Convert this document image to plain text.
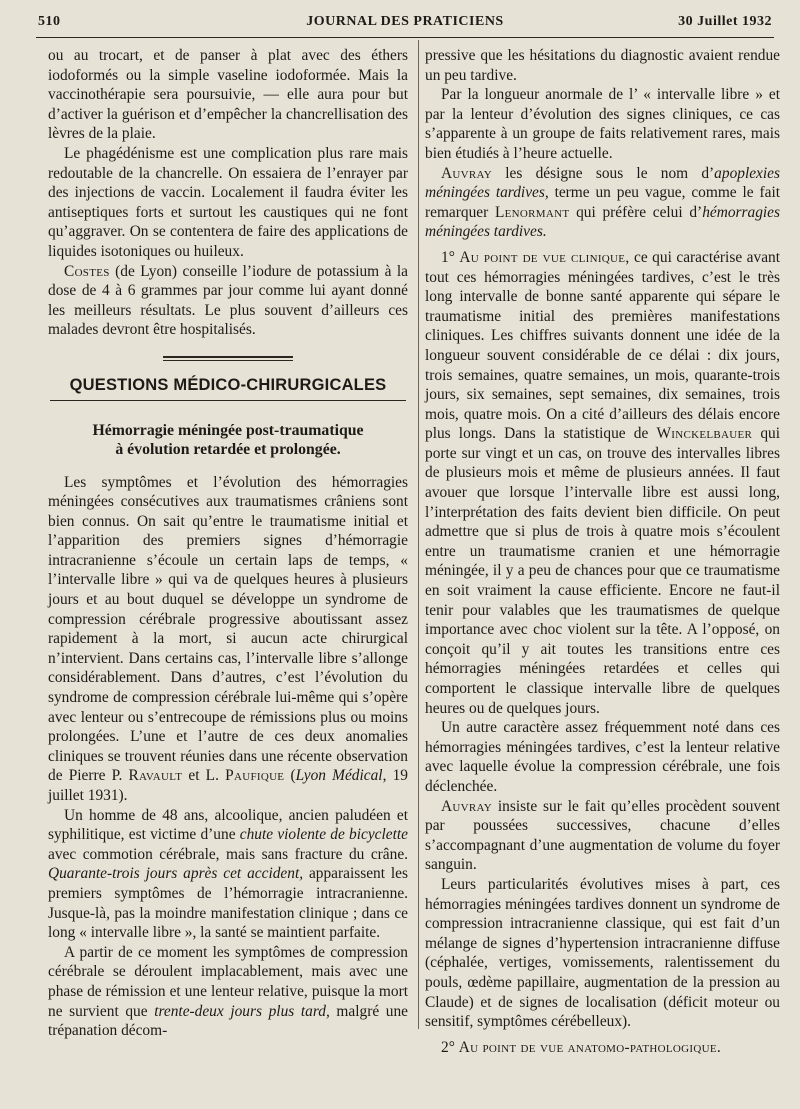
510	JOURNAL DES PRATICIENS	30 Juillet 1932

ou au trocart, et de panser à plat avec des éthers iodoformés ou la simple vaseline iodoformée. Mais la vaccinothérapie sera poursuivie, — elle aura pour but d’activer la guérison et d’empêcher la chancrellisation des lèvres de la plaie.

Le phagédénisme est une complication plus rare mais redoutable de la chancrelle. On essaiera de l’enrayer par des injections de vaccin. Localement il faudra éviter les antiseptiques forts et surtout les caustiques qui ne font qu’aggraver. On se contentera de faire des applications de liquides isotoniques ou huileux.

Costes (de Lyon) conseille l’iodure de potassium à la dose de 4 à 6 grammes par jour comme lui ayant donné les meilleurs résultats. Le plus souvent d’ailleurs ces malades devront être hospitalisés.

QUESTIONS MÉDICO-CHIRURGICALES
Hémorragie méningée post-traumatique
à évolution retardée et prolongée.

Les symptômes et l’évolution des hémorragies méningées consécutives aux traumatismes crâniens sont bien connus. On sait qu’entre le traumatisme initial et l’apparition des premiers signes d’hémorragie intracranienne s’écoule un certain laps de temps, « l’intervalle libre » qui va de quelques heures à plusieurs jours et au bout duquel se développe un syndrome de compression cérébrale progressive aboutissant assez rapidement à la mort, si aucun acte chirurgical n’intervient. Dans certains cas, l’intervalle libre s’allonge considérablement. Dans d’autres, c’est l’évolution du syndrome de compression cérébrale lui-même qui s’opère avec lenteur ou s’entrecoupe de rémissions plus ou moins prolongées. L’une et l’autre de ces deux anomalies cliniques se trouvent réunies dans une récente observation de Pierre P. Ravault et L. Paufique (Lyon Médical, 19 juillet 1931).

Un homme de 48 ans, alcoolique, ancien paludéen et syphilitique, est victime d’une chute violente de bicyclette avec commotion cérébrale, mais sans fracture du crâne. Quarante-trois jours après cet accident, apparaissent les premiers symptômes de l’hémorragie intracranienne. Jusque-là, pas la moindre manifestation clinique ; dans ce long « intervalle libre », la santé se maintient parfaite.

A partir de ce moment les symptômes de compression cérébrale se déroulent implacablement, mais avec une phase de rémission et une lenteur relative, puisque la mort ne survient que trente-deux jours plus tard, malgré une trépanation décom-

pressive que les hésitations du diagnostic avaient rendue un peu tardive.

Par la longueur anormale de l’ « intervalle libre » et par la lenteur d’évolution des signes cliniques, ce cas s’apparente à un groupe de faits relativement rares, mais bien étudiés à l’heure actuelle.

Auvray les désigne sous le nom d’apoplexies méningées tardives, terme un peu vague, comme le fait remarquer Lenormant qui préfère celui d’hémorragies méningées tardives.

1° Au point de vue clinique, ce qui caractérise avant tout ces hémorragies méningées tardives, c’est le très long intervalle de bonne santé apparente qui sépare le traumatisme initial des premières manifestations cliniques. Les chiffres suivants donnent une idée de la longueur souvent considérable de ce délai : dix jours, trois semaines, quatre semaines, un mois, quarante-trois jours, six semaines, sept semaines, dix semaines, trois mois, quatre mois. On a cité d’ailleurs des délais encore plus longs. Dans la statistique de Winckelbauer qui porte sur vingt et un cas, on trouve des intervalles libres de plusieurs mois et même de plusieurs années. Il faut avouer que lorsque l’intervalle libre est aussi long, l’interprétation des faits devient bien difficile. On peut admettre que si plus de trois à quatre mois s’écoulent entre un traumatisme cranien et une hémorragie méningée, il y a peu de chances pour que ce traumatisme en soit vraiment la cause efficiente. Encore ne faut-il tenir pour valables que les traumatismes de quelque importance avec choc violent sur la tête. A l’opposé, on conçoit qu’il y ait toutes les transitions entre ces hémorragies méningées retardées et celles qui comportent le classique intervalle libre de quelques heures ou de quelques jours.

Un autre caractère assez fréquemment noté dans ces hémorragies méningées tardives, c’est la lenteur relative avec laquelle évolue la compression cérébrale, une fois déclenchée.

Auvray insiste sur le fait qu’elles procèdent souvent par poussées successives, chacune d’elles s’accompagnant d’une augmentation de volume du foyer sanguin.

Leurs particularités évolutives mises à part, ces hémorragies méningées tardives donnent un syndrome de compression intracranienne classique, qui est fait d’un mélange de signes d’hypertension intracranienne diffuse (céphalée, vertiges, vomissements, ralentissement du pouls, œdème papillaire, augmentation de la pression au Claude) et de signes de localisation (déficit moteur ou sensitif, symptômes cérébelleux).

2° Au point de vue anatomo-pathologique.
